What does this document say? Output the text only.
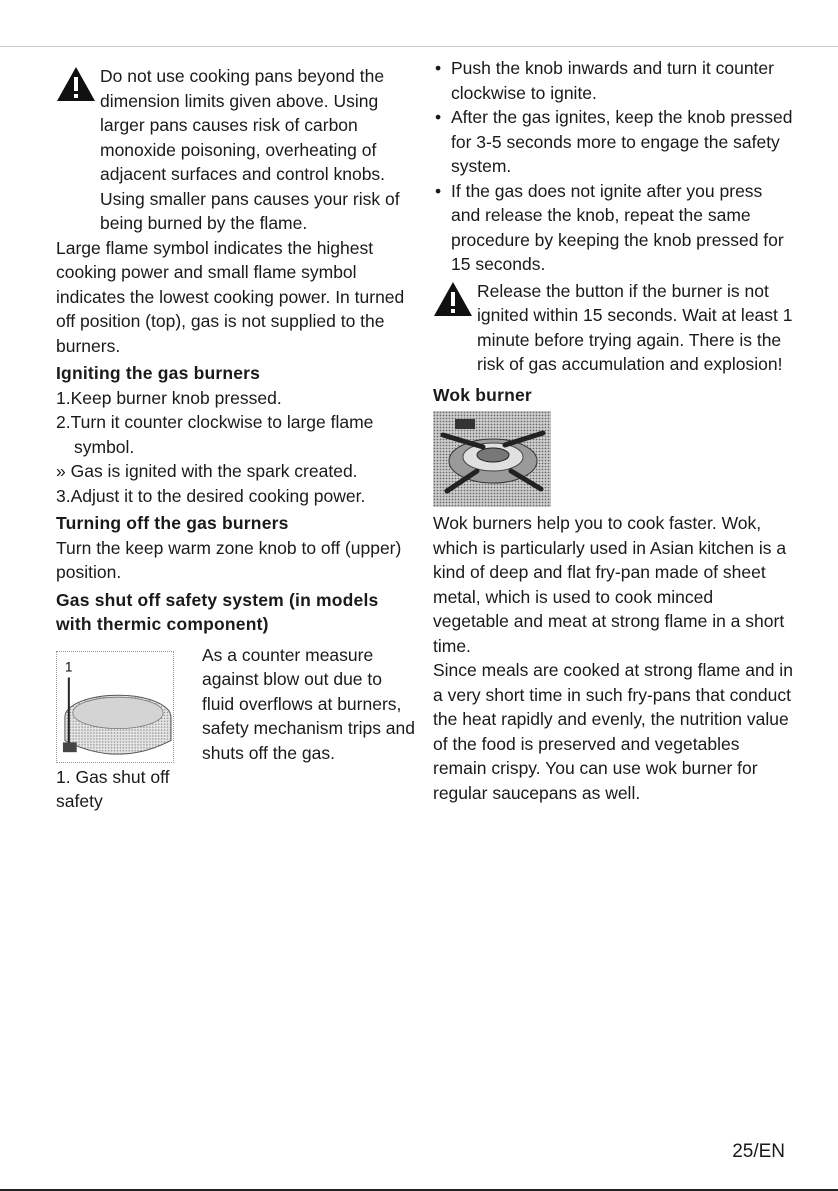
Do not use cooking pans beyond the dimension limits given above. Using larger pans causes risk of carbon monoxide poisoning, overheating of adjacent surfaces and control knobs. Using smaller pans causes your risk of being burned by the flame.

Large flame symbol indicates the highest cooking power and small flame symbol indicates the lowest cooking power. In turned off position (top), gas is not supplied to the burners.

Igniting the gas burners

1.Keep burner knob pressed.

2.Turn it counter clockwise to large flame symbol.

» Gas is ignited with the spark created.

3.Adjust it to the desired cooking power.

Turning off the gas burners

Turn the keep warm zone knob to off (upper) position.

Gas shut off safety system (in models with thermic component)

1

1. Gas shut off safety

As a counter measure against blow out due to fluid overflows at burners, safety mechanism trips and shuts off the gas.

• Push the knob inwards and turn it counter clockwise to ignite.

• After the gas ignites, keep the knob pressed for 3-5 seconds more to engage the safety system.

• If the gas does not ignite after you press and release the knob, repeat the same procedure by keeping the knob pressed for 15 seconds.

Release the button if the burner is not ignited within 15 seconds. Wait at least 1 minute before trying again. There is the risk of gas accumulation and explosion!

Wok burner

Wok burners help you to cook faster. Wok, which is particularly used in Asian kitchen is a kind of deep and flat fry-pan made of sheet metal, which is used to cook minced vegetable and meat at strong flame in a short time.

Since meals are cooked at strong flame and in a very short time in such fry-pans that conduct the heat rapidly and evenly, the nutrition value of the food is preserved and vegetables remain crispy. You can use wok burner for regular saucepans as well.

25/EN
